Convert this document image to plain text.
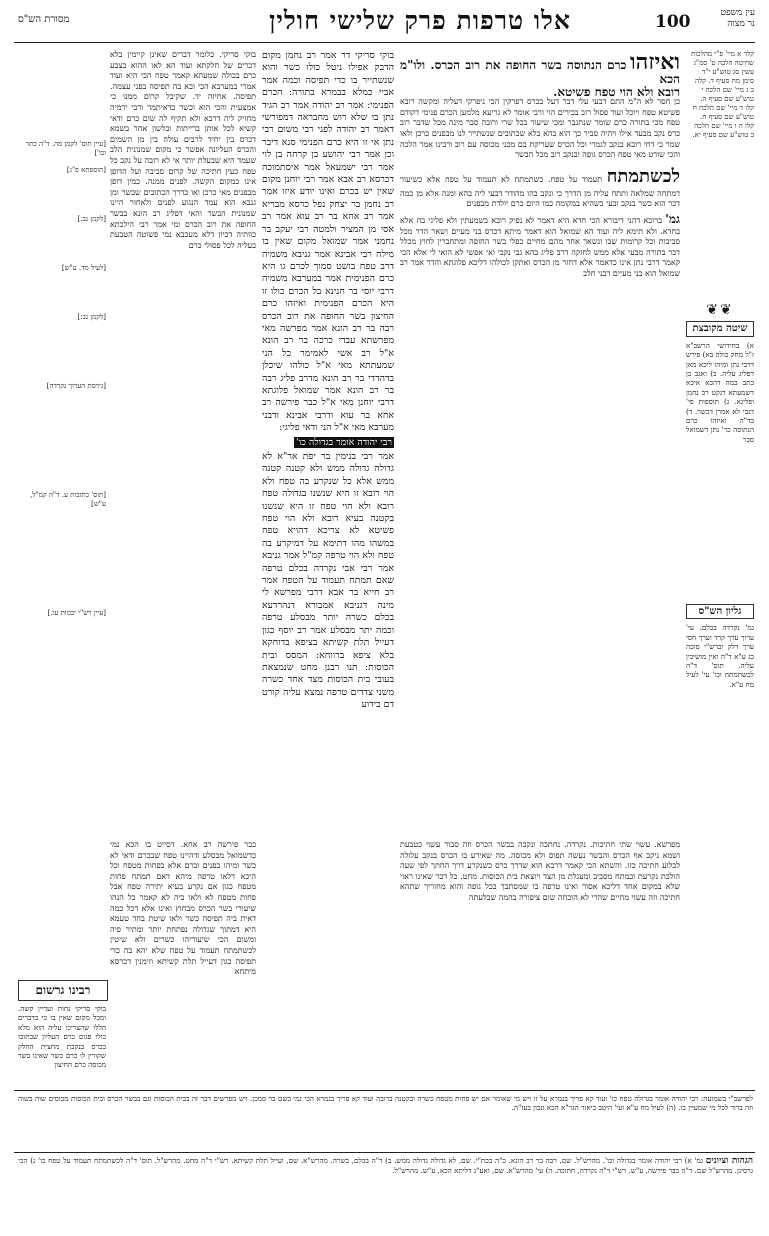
מסורת הש"ס	אלו טרפות פרק שלישי חולין	100	עין משפט
נר מצוה
קלד א מיי' פ"י מהלכות שחיטה הלכה ט' סמ"ג עשין סג טוש"ע י"ד סימן מח סעיף ד. קלה ב ג מיי' שם הלכה י טוש"ע שם סעיף ה. קלו ד מיי' שם הלכה ח טוש"ע שם סעיף ח. קלז ה ו מיי' שם הלכה כ טוש"ע שם סעיף יא.
❦❦
שיטה מקובצת
א) בחידושי הרשב"א ז"ל מחק כולה בא) פירש דרבי נתן ומיהו ליכא מאן דפליג עליה. ב) ואגב כן כתב במה דהכא איכא דשמעתא דנקט רב נחמן ופליגא. ג) תוספות פי' דגבי לא אמרן דכשר. ד) בד"ה ואיזהו כרם הנתוסה כר' נתן דשמואל סבר
גליון הש"ס
גמ' נקרדה בכלם. עי' ערוך ערך קרד וערך חסי ערך דלק וברש"י סוכה כג ע"א ד"ה ואין מושיבין עליה. תוס' ד"ה לכשתמתח וכו' עי' לעיל מח ע"א.
ואיזהו כרם הנתוסה בשר החופה את רוב הכרס. ולו"מ הכא
רובא ולא הוי טפח פשיטא.
כן חסר לא ה"מ התם דבעי עלי דבר דעל בכרס דפרקין הכי ניפרקי דעליה ומקשה רובא פשיטא טפח ויוכל ועוד פסול רוב בכירים הוי ורבי אומר לא גריעא מלמען הכרם פנימי דקודם טפח מכי בתורה כרם שומר שנתגבר ומכי שיעור בכל שרי ורובה סבר מינה מכל שדבר רוב כרס נקב מבעד אילו ויהיה סביר כך הוא בהא בלא שכתובים שנשתייר לנו מבפנים כרכן ולאו שמר כי דחי רובא בנקב לגמרי וכל הכרס שעריקת בם מכני מכוסה עם רוב ורבינו אמר הלכה והכי שורט מאי טפח הכרס גופה ובנקב רוב מכל הבשר
לכשתמתח תעמוד על טפח. כשתמתח לא תעמוד על טפח אלא כשיעור דמתחה שמלאה ותתח עליה מן הדרך כי ונקב בהו מהודר דבעי ליה בהא ומנה אלא מן כמה דכר הוא כשר בנקב ובעי כשהיא במקומה כמו היום כרם יולדת מבפנים
גמ' ברובא דהני דיבורא הכי חדא היא דאמר לא נפיק רובא בשמעתין ולא פליגי בה אלא בחדא. ולא תימא ליה ועוד הא שמואל הוא דאמר מיתא דכרס בני מעיים ושאר הדר מכל סביבות וכל קרומות שבו ונשאר אחד מהם מחיים כפלי בשר החופה ומתחברין לחוץ מכלל דכר בתורה מבעי אלא ממש לחזקה דרב פליג בהא גבי נקבי ואי אפשי לא הואי לי אלא הכי קאמר דרבי נתן אינו כדאמר אלא דחזר מן הכרס ואתקן לכולהו דליכא פלוגתא והדר אמר רב שמואל הוא בני מעיים דבני חלב
בוקי סריקי דר אמר רב נחמן מקום הדבק אפילו ניטל כולו כשר והוא שנשתייר בו כדי תפיסה וכמה אמר אביי כמלא בבמרא בתורה: הכרם הפנימי: אמר רב יהודה אמר רב הגיד נתן בו שלא רוש מחבראה דמפורשי דאמר רב יהודה לפני רבי משום רבי נתן אי זו היא כרם הפנימי סנא דיבר וכן אמר רבי יהושע בן קרחה בן לוי אמר רבי ישמעאל אמר איסתמוכה דכרסא רב אבא אמר רבי יוחנן מקום שאין יש בכרם ואינו יודע איזו אמר רב נחמן בר יצחק נפל כרסא מבריא אמר רב אחא בר רב עוא אמר רב אסי מן המציר ולמטה רבי יעקב בר נחמני אמר שמואל מקום שאין בו מילח רבי אבינא אמר גניבא משמיה דרב טפח בושט סמוך לכרם גו היא כרם הפנימית אמר במערבא משמיה דרבי יוסי בר חנינא בל הכרם כולו זו היא הכרם הפנימית ואיזהו כרם החיצון בשר החופה את רוב הכרס רבה בר רב הונא אמר מפרשה מאי מפרשתא עבדי כרכה בר רב הונא א"ל רב אשי לאמימר כל הני שמעתתא מאי א"ל כולהו שיכלן בדהדדי בר רב הונא מדרב פליג רבה בר רב הונא אמר שמואל פלוגתא דרבי יוחנן מאי א"ל כבר פירשה רב אחא בר עוא ודרבי אבינא ודבני מערבא מאי א"ל הני ודאי פליגי:
רבי יהודה אומר בגדולה כו'
אמר רבי בנימין בר יפת אר"א לא גדולה גדולה ממש ולא קטנה קטנה ממש אלא כל שנקרע בה טפח ולא הוי רובא זו היא שנשנו בגדולה טפח רובא ולא הוי טפח זו היא שנשנו בקטנה בעיא רובא ולא הוי טפח פשיטא לא צריכא דהויא טפח במשהו מהו דתימא על דמיקרע בה טפח ולא הוי טרפה קמ"ל אמר גניבא אמר רבי אבי נקרדה בכלם טרפה שאם תמתח תעמוד על הטפח אמר רב חייא בר אבא דרבי מפרשא לי מינה דגניבא אמבורא דנהרדעא בכלם כשרה יותר מבסלע טרפה וכמה יתר מבסלע אמר רב יוסף כגון דעייל תלת קשיתא בציפא בדוחקא בלא ציפא ברווחא: המסס ובית הכוסות: תנו רבנן מחט שנמצאת בעובי בית הכוסות מצד אחד כשרה משני צדדים טרפה נמצא עליה קורט דם בידוע
בוקי סריקי. כלומר דברים שאינן קיימין בלא דברים של חלקתא ועוד הא לאו ההוא בצבע כרם בכולה שמעתא קאמר טפח הכי היא ועוד אמרי במערבא הכי ובא בה תפיסה בפני עצמה. תפיסה. אחיזה יד. שקיבל קרום ממנו כי אמצעית והכי הוא וכשר כדאיתמר ורבי ירמיה מחזיק ליה דרבא ולא תקיף לה שום כרם ודאי קשיא לכל אותן ברייתות ובלשון אחר בשמא דכרס בין יחיד לרבים עולה בין מן השמים והכרס העליונה אפשר כי מקום שמנונית הלב שעמד היא שבעלת יותר אי לא רובה על נקב כל טפח כעין חתיכה של קרום סביבה ועל הדופן אינו כמקום הקשה. לפנים ממנה. כמין דופן מבפנים מאי כרכן ואו כדרך הכתובים שבשר ומן גנבא הוא עמד הנגוע לפנים ולאחור היינו שמנונית הבשר והאי דפליג רב הונא בבשר החופה את רוב הכרס ומי אמר רבי הילכתא כוותיה דכיון דלא מעכבא נמי פשוטה הטבעת בעליה לכל פסולי כרם
[עיין תוס' לקמן מה. ד"ה כתר וכו']
[תוספתא פ"ג]
[לקמן נב.]
[לעיל מד. ע"ש]
[לקמן נב:]
[גירסת הערוך נקרדה]
[תוס' כתובות ע. ד"ה קמ"ל, ע"ש]
[עיין רש"י יבמות עו.]
מפרשא. עשוי שתי חתיכות. נקרדה. נחתכה ונקבה בבשר הכרס וזה סבור עשוי כטבעת ושמא ניקב אף הכרס והבשר נעשה תפוס ולא מכוסה. מה שאירע בו הכרס בנקב עלולה לבלוע חתיכה כזו. והשתא הכי קאמר דרבא הוא שדרך כרס כשנקרע דרך החתך לפי שעה הולכת נקרעת ובמתח מסביב ומעגלת מן הצד ויוצאת בית הכוסות. מחט. כל דבר שאינו ראוי שלא במקום אחד דליכא אסור ואינו טרפה בו שמסתבך בכל גופה והוא מחוריך שתהא חתיכה וזה עשוי מחיים שהרי לא הוכחה שום ציפורה בהמה שבלעתה
כבר פירשה רב אחא. דסייט בו הכא נמי כדשמואל מבסלע ודהיינו טפח שבכרם ודאי לא כשר ומיהו בפנים וברם אלא בפחות מטפח וכל היכא דלאו טרפה מיהא דאם תמתח פחות מטפח כגון אם נקרע בעיא יתירה טפח אבל פחות מטפח לא ולאו ביה לא קאמר כל הנהו שיעורי בשר הכרס מבחוץ ואינו אלא דכל כמה דאית ביה תפיסה כשר ולאו שיטת בחד טעמא היא דמתוך שגדולה נפתחת יותר ומתיר פיה ומשום הכי שיעוריהו כשרים ולא שיטין לכשתמתח תעמוד על טפח שלא יהא בה כדי תפיסה כגון דעייל תלת קשיתא וזימנין דכרסא מיתחא
רבינו גרשום
בוקי סריקי נחות ועדיין קשה. ומכל מקום שאין בו כי בדברים הללו שהצריכו עליה הוא מלא כולו פגום כרם העליון שבתוכו בכרס בנקבת מחצית החלק שקורין לו כרם כשר שאינו בשר מכוסה כרם החיצון
לפרשב"י בשמועה: רבי יהודה אומר בגדולה טפח כו' ועוד קא פריך בגמרא על זו ויש מי שאומר אם יש פחות מטפח כשרה ובקטנה ברובה ועוד קא פריך בגמרא הכי נמי בשם בר סמכן. ויש מפרשים דבר זה בבית הכוסות וגם בבשר הכרס ובית הכוסות מכוסים שוה בשוה וזה ברור לכל מי שמעיין בו. (ה) לעיל מח ע"א ועי' היטב ביאור הגר"א הכא ונכון בעז"ה.
הגהות וציונים גמ' א) רבי יהודה אומר בגדולה וכו'. מהרש"ל. שם, רבה בר רב הונא. כ"ה בכת"י. שם, לא גדולה גדולה ממש. ב) ד"ה בכלם, כשרה. מהרש"א. שם, ועייל תלת קשיתא. רש"י ד"ה מחט. מהרש"ל. תוס' ד"ה לכשתמתח תעמוד על טפח כו' ג) הכי גרסינן. מהרש"ל שם. ד"ה כבר פירשה, ע"ש. רש"י ד"ה נקרדה, חתוכה. ה) עי' מהרש"א. שם, ואע"ג דליתא הכא, ע"ש. מהרש"ל.
